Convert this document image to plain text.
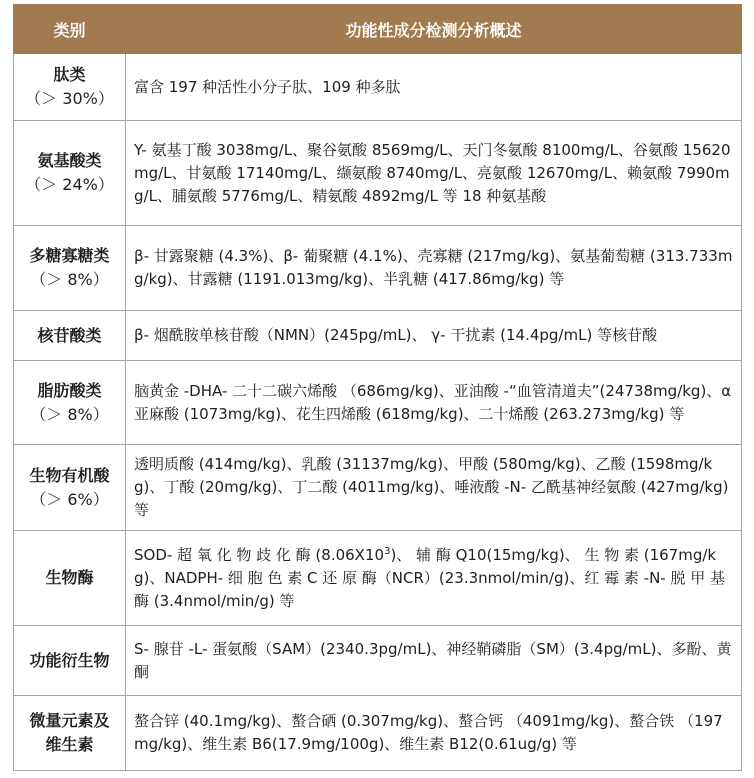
类别	功能性成分检测分析概述
肽类
（＞ 30%）	富含 197 种活性小分子肽、109 种多肽
氨基酸类
（＞ 24%）	Y- 氨基丁酸 3038mg/L、聚谷氨酸 8569mg/L、天门冬氨酸 8100mg/L、谷氨酸 15620mg/L、甘氨酸 17140mg/L、缬氨酸 8740mg/L、亮氨酸 12670mg/L、赖氨酸 7990mg/L、脯氨酸 5776mg/L、精氨酸 4892mg/L 等 18 种氨基酸
多糖寡糖类
（＞ 8%）	β- 甘露聚糖 (4.3%)、β- 葡聚糖 (4.1%)、壳寡糖 (217mg/kg)、氨基葡萄糖 (313.733mg/kg)、甘露糖 (1191.013mg/kg)、半乳糖 (417.86mg/kg) 等
核苷酸类	β- 烟酰胺单核苷酸（NMN）(245pg/mL)、 γ- 干扰素 (14.4pg/mL) 等核苷酸
脂肪酸类
（＞ 8%）	脑黄金 -DHA- 二十二碳六烯酸 （686mg/kg)、亚油酸 -“血管清道夫”(24738mg/kg)、α 亚麻酸 (1073mg/kg)、花生四烯酸 (618mg/kg)、二十烯酸 (263.273mg/kg) 等
生物有机酸
（＞ 6%）	透明质酸 (414mg/kg)、乳酸 (31137mg/kg)、甲酸 (580mg/kg)、乙酸 (1598mg/kg)、丁酸 (20mg/kg)、丁二酸 (4011mg/kg)、唾液酸 -N- 乙酰基神经氨酸 (427mg/kg) 等
生物酶	SOD- 超 氧 化 物 歧 化 酶 $(8.06X10^3)$、 辅 酶 Q10(15mg/kg)、 生 物 素 (167mg/kg)、NADPH- 细 胞 色 素 C 还 原 酶（NCR）(23.3nmol/min/g)、红 霉 素 -N- 脱 甲 基酶 (3.4nmol/min/g) 等
功能衍生物	S- 腺苷 -L- 蛋氨酸（SAM）(2340.3pg/mL)、神经鞘磷脂（SM）(3.4pg/mL)、多酚、黄酮
微量元素及维生素	螯合锌 (40.1mg/kg)、螯合硒 (0.307mg/kg)、螯合钙 （4091mg/kg)、螯合铁 （197mg/kg)、维生素 B6(17.9mg/100g)、维生素 B12(0.61ug/g) 等
